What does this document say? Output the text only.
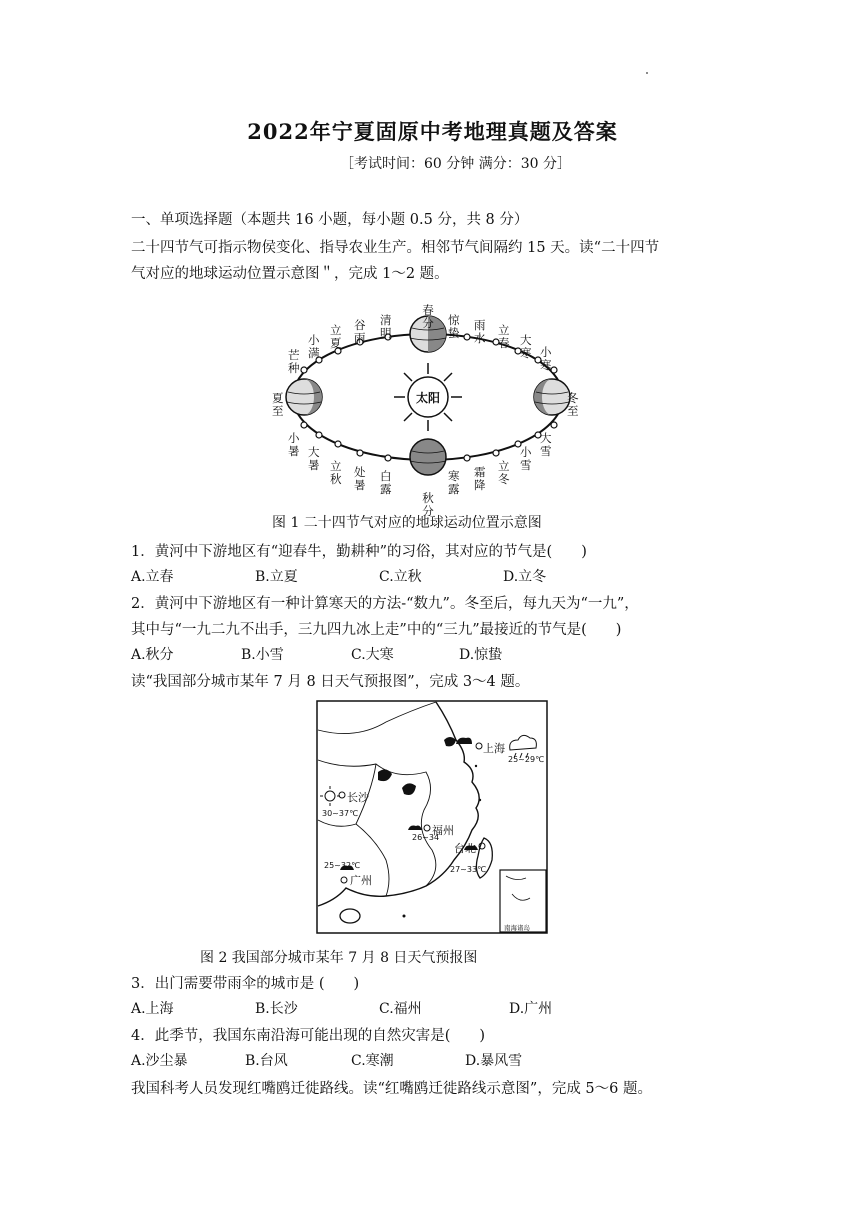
2022年宁夏固原中考地理真题及答案
［考试时间：60 分钟 满分：30 分］
一、单项选择题（本题共 16 小题，每小题 0.5 分，共 8 分）
二十四节气可指示物侯变化、指导农业生产。相邻节气间隔约 15 天。读“二十四节
气对应的地球运动位置示意图＂，完成 1～2 题。
太阳
春分
秋分
夏至
冬至
惊蛰
雨水
立春 大寒 小寒
清明
谷雨
立夏
小满
芒种
小暑 大暑 立秋 处暑
白露
寒露
霜降
立冬
小雪
大雪
图 1 二十四节气对应的地球运动位置示意图
1．黄河中下游地区有“迎春牛，勤耕种”的习俗，其对应的节气是(　　)
A.立春	B.立夏	C.立秋	D.立冬
2．黄河中下游地区有一种计算寒天的方法-“数九”。冬至后，每九天为“一九”，
其中与“一九二九不出手，三九四九冰上走”中的“三九”最接近的节气是(　　)
A.秋分	B.小雪	C.大寒	D.惊蛰
读“我国部分城市某年 7 月 8 日天气预报图”，完成 3～4 题。
南海诸岛
上海
长沙
福州
台北
广州
25~29℃
30~37℃
26~34
27~33℃
25~32℃
图 2 我国部分城市某年 7 月 8 日天气预报图
3．出门需要带雨伞的城市是 (　　)
A.上海	B.长沙	C.福州	D.广州
4．此季节，我国东南沿海可能出现的自然灾害是(　　)
A.沙尘暴	B.台风	C.寒潮	D.暴风雪
我国科考人员发现红嘴鸥迁徙路线。读“红嘴鸥迁徙路线示意图”，完成 5～6 题。
